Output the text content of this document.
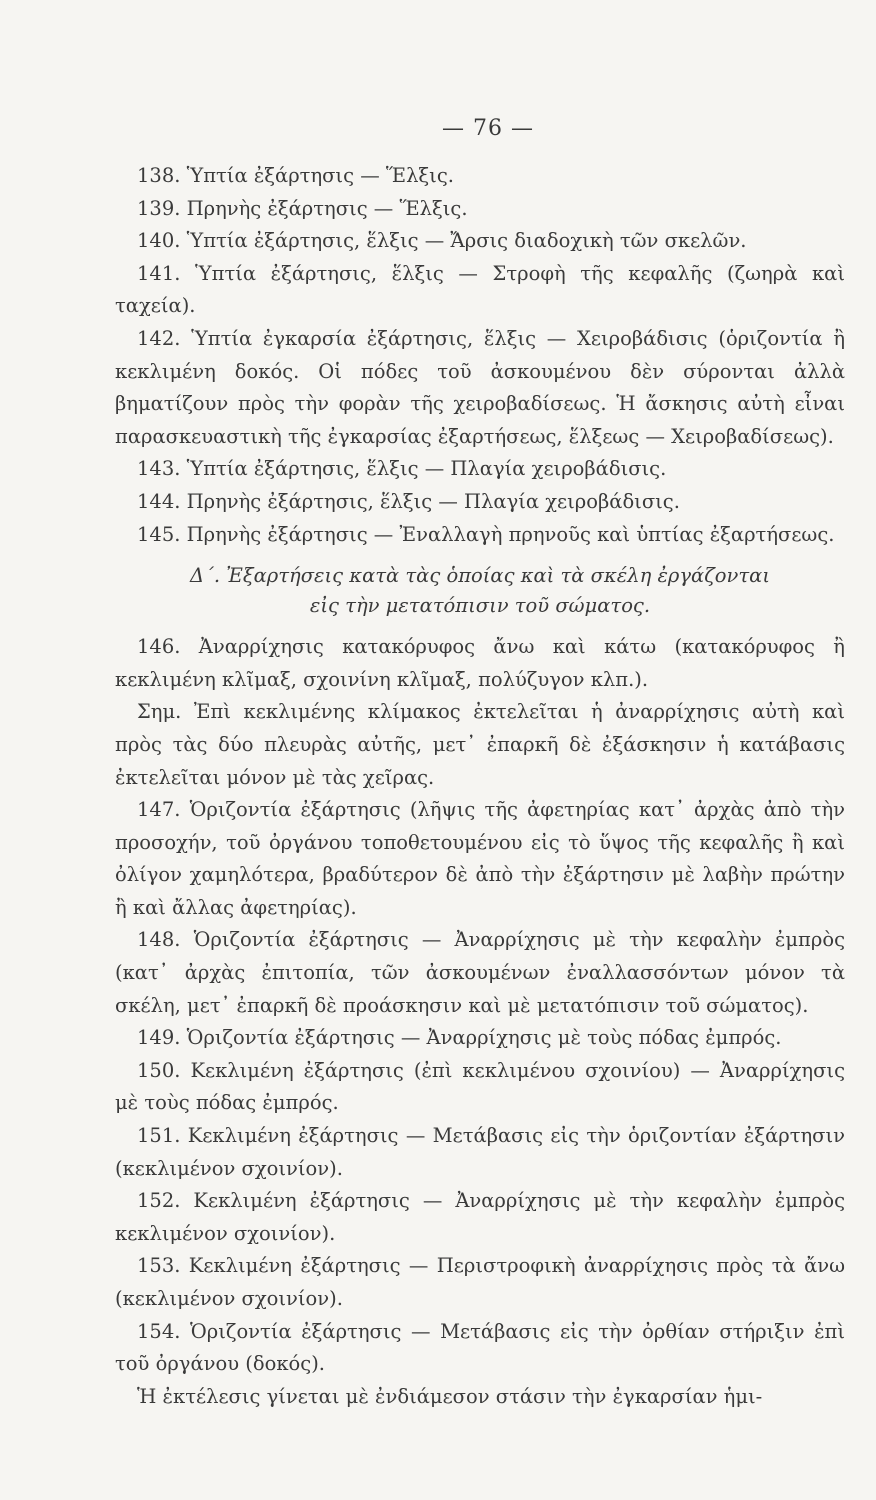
— 76 —

138. Ὑπτία ἐξάρτησις — Ἕλξις.

139. Πρηνὴς ἐξάρτησις — Ἕλξις.

140. Ὑπτία ἐξάρτησις, ἕλξις — Ἄρσις διαδοχικὴ τῶν σκελῶν.

141. Ὑπτία ἐξάρτησις, ἕλξις — Στροφὴ τῆς κεφαλῆς (ζωηρὰ καὶ ταχεία).

142. Ὑπτία ἐγκαρσία ἐξάρτησις, ἕλξις — Χειροβάδισις (ὁριζοντία ἢ κεκλιμένη δοκός. Οἱ πόδες τοῦ ἀσκουμένου δὲν σύρονται ἀλλὰ βηματίζουν πρὸς τὴν φορὰν τῆς χειροβαδίσεως. Ἡ ἄσκησις αὐτὴ εἶναι παρασκευαστικὴ τῆς ἐγκαρσίας ἐξαρτήσεως, ἕλξεως — Χειροβαδίσεως).

143. Ὑπτία ἐξάρτησις, ἕλξις — Πλαγία χειροβάδισις.

144. Πρηνὴς ἐξάρτησις, ἕλξις — Πλαγία χειροβάδισις.

145. Πρηνὴς ἐξάρτησις — Ἐναλλαγὴ πρηνοῦς καὶ ὑπτίας ἐξαρτήσεως.

Δ΄. Ἐξαρτήσεις κατὰ τὰς ὁποίας καὶ τὰ σκέλη ἐργάζονται
εἰς τὴν μετατόπισιν τοῦ σώματος.

146. Ἀναρρίχησις κατακόρυφος ἄνω καὶ κάτω (κατακόρυφος ἢ κεκλιμένη κλῖμαξ, σχοινίνη κλῖμαξ, πολύζυγον κλπ.).

Σημ. Ἐπὶ κεκλιμένης κλίμακος ἐκτελεῖται ἡ ἀναρρίχησις αὐτὴ καὶ πρὸς τὰς δύο πλευρὰς αὐτῆς, μετ᾽ ἐπαρκῆ δὲ ἐξάσκησιν ἡ κατάβασις ἐκτελεῖται μόνον μὲ τὰς χεῖρας.

147. Ὁριζοντία ἐξάρτησις (λῆψις τῆς ἀφετηρίας κατ᾽ ἀρχὰς ἀπὸ τὴν προσοχήν, τοῦ ὀργάνου τοποθετουμένου εἰς τὸ ὕψος τῆς κεφαλῆς ἢ καὶ ὀλίγον χαμηλότερα, βραδύτερον δὲ ἀπὸ τὴν ἐξάρτησιν μὲ λαβὴν πρώτην ἢ καὶ ἄλλας ἀφετηρίας).

148. Ὁριζοντία ἐξάρτησις — Ἀναρρίχησις μὲ τὴν κεφαλὴν ἐμπρὸς (κατ᾽ ἀρχὰς ἐπιτοπία, τῶν ἀσκουμένων ἐναλλασσόντων μόνον τὰ σκέλη, μετ᾽ ἐπαρκῆ δὲ προάσκησιν καὶ μὲ μετατόπισιν τοῦ σώματος).

149. Ὁριζοντία ἐξάρτησις — Ἀναρρίχησις μὲ τοὺς πόδας ἐμπρός.

150. Κεκλιμένη ἐξάρτησις (ἐπὶ κεκλιμένου σχοινίου) — Ἀναρρίχησις μὲ τοὺς πόδας ἐμπρός.

151. Κεκλιμένη ἐξάρτησις — Μετάβασις εἰς τὴν ὁριζοντίαν ἐξάρτησιν (κεκλιμένον σχοινίον).

152. Κεκλιμένη ἐξάρτησις — Ἀναρρίχησις μὲ τὴν κεφαλὴν ἐμπρὸς κεκλιμένον σχοινίον).

153. Κεκλιμένη ἐξάρτησις — Περιστροφικὴ ἀναρρίχησις πρὸς τὰ ἄνω (κεκλιμένον σχοινίον).

154. Ὁριζοντία ἐξάρτησις — Μετάβασις εἰς τὴν ὀρθίαν στήριξιν ἐπὶ τοῦ ὀργάνου (δοκός).

Ἡ ἐκτέλεσις γίνεται μὲ ἐνδιάμεσον στάσιν τὴν ἐγκαρσίαν ἡμι-
